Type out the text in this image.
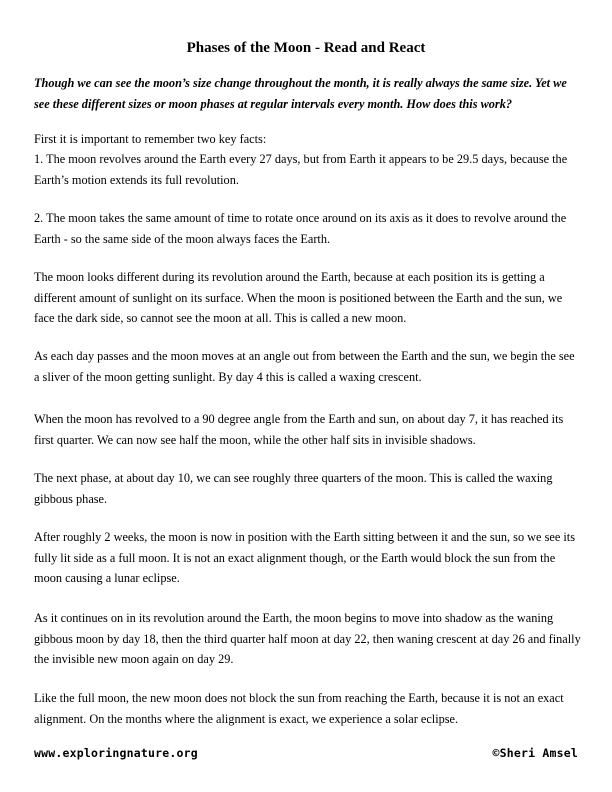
Phases of the Moon - Read and React
Though we can see the moon’s size change throughout the month, it is really always the same size. Yet we see these different sizes or moon phases at regular intervals every month. How does this work?
First it is important to remember two key facts:
1. The moon revolves around the Earth every 27 days, but from Earth it appears to be 29.5 days, because the Earth’s motion extends its full revolution.
2. The moon takes the same amount of time to rotate once around on its axis as it does to revolve around the Earth - so the same side of the moon always faces the Earth.
The moon looks different during its revolution around the Earth, because at each position its is getting a different amount of sunlight on its surface. When the moon is positioned between the Earth and the sun, we face the dark side, so cannot see the moon at all. This is called a new moon.
As each day passes and the moon moves at an angle out from between the Earth and the sun, we begin the see a sliver of the moon getting sunlight. By day 4 this is called a waxing crescent.
When the moon has revolved to a 90 degree angle from the Earth and sun, on about day 7, it has reached its first quarter. We can now see half the moon, while the other half sits in invisible shadows.
The next phase, at about day 10, we can see roughly three quarters of the moon. This is called the waxing gibbous phase.
After roughly 2 weeks, the moon is now in position with the Earth sitting between it and the sun, so we see its fully lit side as a full moon. It is not an exact alignment though, or the Earth would block the sun from the moon causing a lunar eclipse.
As it continues on in its revolution around the Earth, the moon begins to move into shadow as the waning gibbous moon by day 18, then the third quarter half moon at day 22, then waning crescent at day 26 and finally the invisible new moon again on day 29.
Like the full moon, the new moon does not block the sun from reaching the Earth, because it is not an exact alignment. On the months where the alignment is exact, we experience a solar eclipse.
www.exploringnature.org	©Sheri Amsel
